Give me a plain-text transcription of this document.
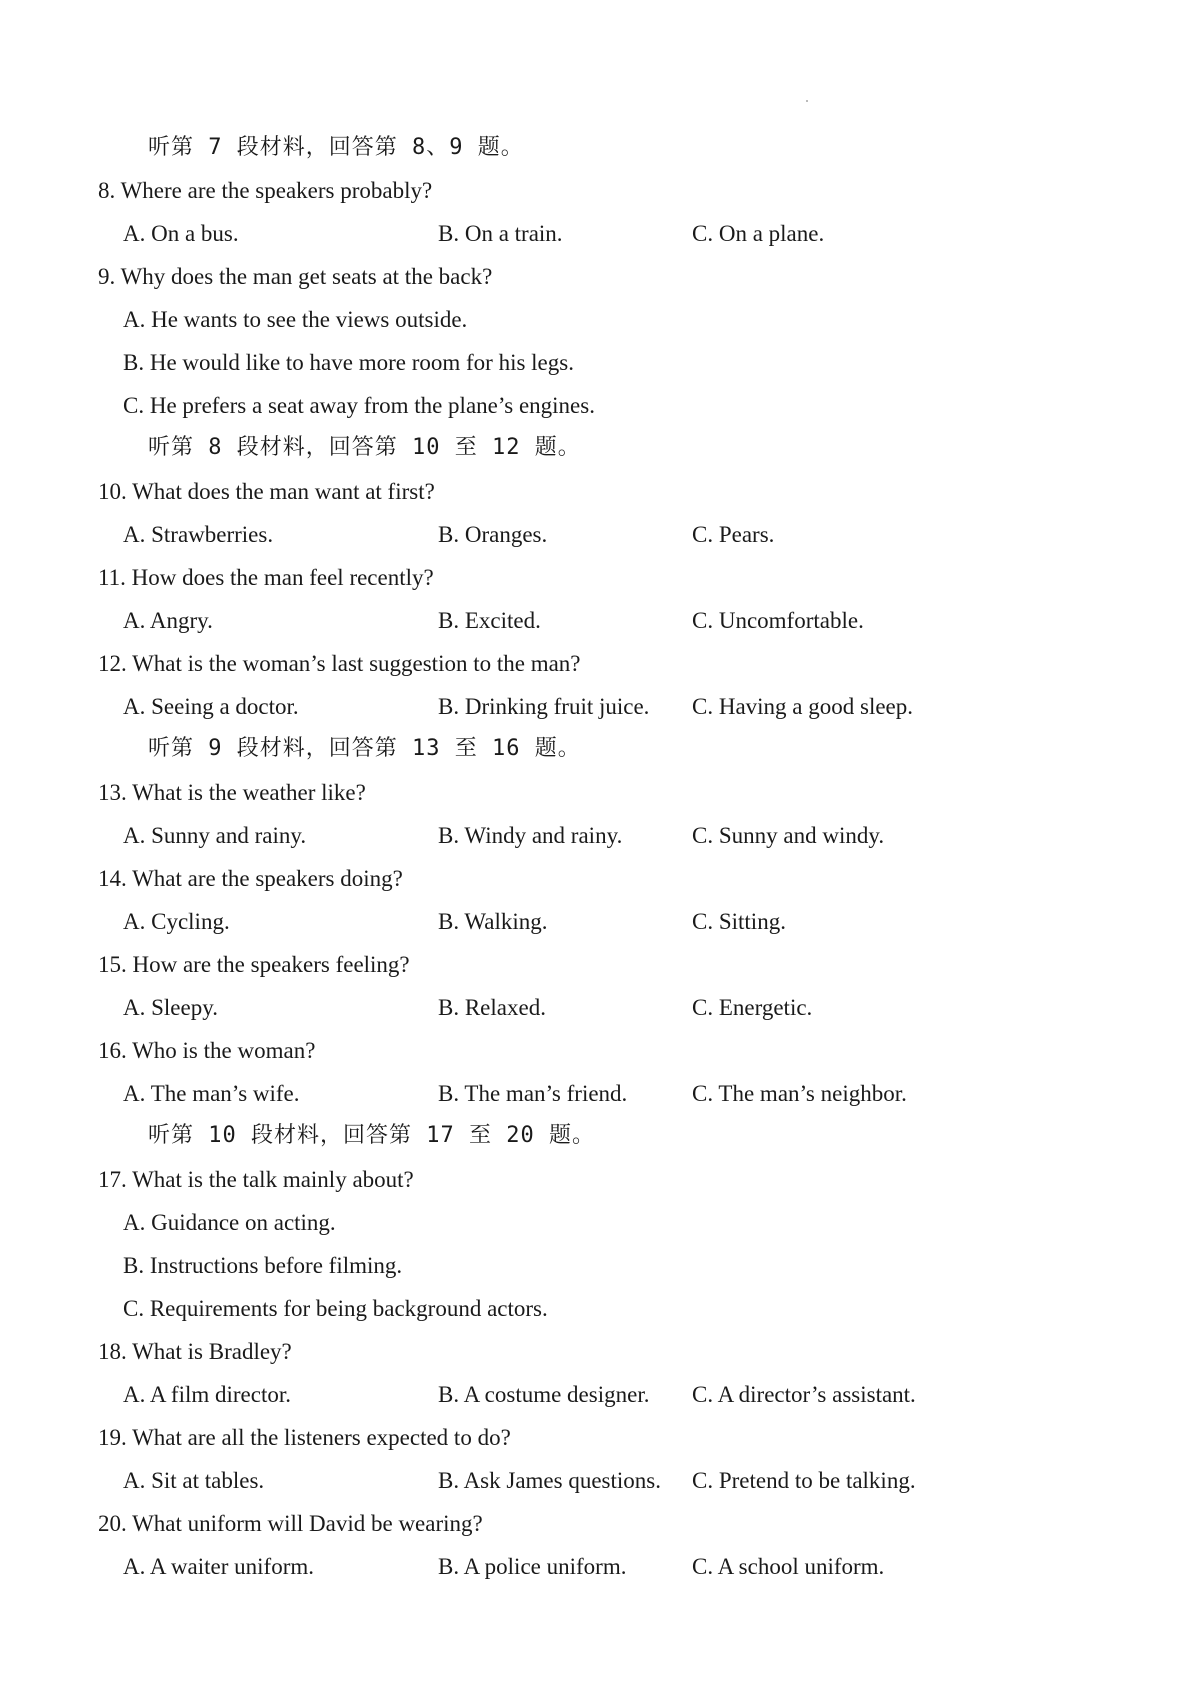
听第 7 段材料，回答第 8、9 题。
8. Where are the speakers probably?
A. On a bus.	B. On a train.	C. On a plane.
9. Why does the man get seats at the back?
A. He wants to see the views outside.
B. He would like to have more room for his legs.
C. He prefers a seat away from the plane’s engines.
听第 8 段材料，回答第 10 至 12 题。
10. What does the man want at first?
A. Strawberries.	B. Oranges.	C. Pears.
11. How does the man feel recently?
A. Angry.	B. Excited.	C. Uncomfortable.
12. What is the woman’s last suggestion to the man?
A. Seeing a doctor.	B. Drinking fruit juice. C. Having a good sleep.
听第 9 段材料，回答第 13 至 16 题。
13. What is the weather like?
A. Sunny and rainy.	B. Windy and rainy.	C. Sunny and windy.
14. What are the speakers doing?
A. Cycling.	B. Walking.	C. Sitting.
15. How are the speakers feeling?
A. Sleepy.	B. Relaxed.	C. Energetic.
16. Who is the woman?
A. The man’s wife.	B. The man’s friend.	C. The man’s neighbor.
听第 10 段材料，回答第 17 至 20 题。
17. What is the talk mainly about?
A. Guidance on acting.
B. Instructions before filming.
C. Requirements for being background actors.
18. What is Bradley?
A. A film director.	B. A costume designer. C. A director’s assistant.
19. What are all the listeners expected to do?
A. Sit at tables.	B. Ask James questions. C. Pretend to be talking.
20. What uniform will David be wearing?
A. A waiter uniform.	B. A police uniform.	C. A school uniform.
